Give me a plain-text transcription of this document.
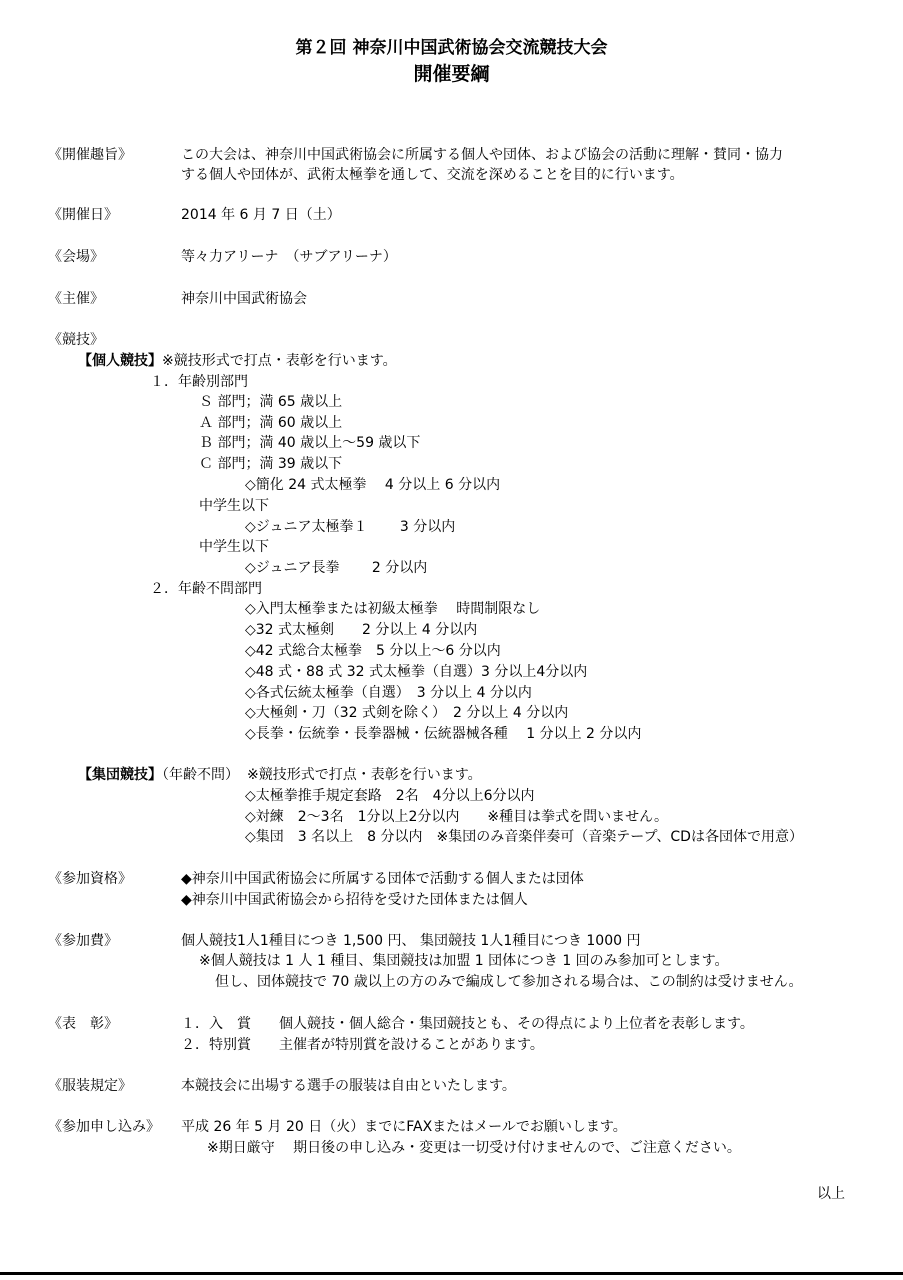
第２回 神奈川中国武術協会交流競技大会
開催要綱
《開催趣旨》	この大会は、神奈川中国武術協会に所属する個人や団体、および協会の活動に理解・賛同・協力
する個人や団体が、武術太極拳を通して、交流を深めることを目的に行います。
《開催日》	2014 年 6 月 7 日（土）
《会場》	等々力アリーナ　（サブアリーナ）
《主催》	神奈川中国武術協会
《競技》
【個人競技】※競技形式で打点・表彰を行います。
１．年齢別部門
Ｓ 部門；満 65 歳以上
Ａ 部門；満 60 歳以上
Ｂ 部門；満 40 歳以上～59 歳以下
Ｃ 部門；満 39 歳以下
◇簡化 24 式太極拳　 4 分以上 6 分以内
中学生以下
◇ジュニア太極拳１　　 3 分以内
中学生以下
◇ジュニア長拳　　 2 分以内
２．年齢不問部門
◇入門太極拳または初級太極拳　 時間制限なし
◇32 式太極剣　　2 分以上 4 分以内
◇42 式総合太極拳　5 分以上～6 分以内
◇48 式・88 式 32 式太極拳（自選）3 分以上4分以内
◇各式伝統太極拳（自選）　3 分以上 4 分以内
◇大極剣・刀（32 式剣を除く）　2 分以上 4 分以内
◇長拳・伝統拳・長拳器械・伝統器械各種　 1 分以上 2 分以内
【集団競技】（年齢不問） ※競技形式で打点・表彰を行います。
◇太極拳推手規定套路　2名　4分以上6分以内
◇対練　2～3名　1分以上2分以内　　※種目は拳式を問いません。
◇集団　3 名以上　8 分以内　※集団のみ音楽伴奏可（音楽テープ、CDは各団体で用意）
《参加資格》	◆神奈川中国武術協会に所属する団体で活動する個人または団体
◆神奈川中国武術協会から招待を受けた団体または個人
《参加費》	個人競技1人1種目につき 1,500 円、 集団競技 1人1種目につき 1000 円
※個人競技は 1 人 1 種目、集団競技は加盟 1 団体につき 1 回のみ参加可とします。
但し、団体競技で 70 歳以上の方のみで編成して参加される場合は、この制約は受けません。
《表　彰》	１．入　賞　　個人競技・個人総合・集団競技とも、その得点により上位者を表彰します。
２．特別賞　　主催者が特別賞を設けることがあります。
《服装規定》	本競技会に出場する選手の服装は自由といたします。
《参加申し込み》 平成 26 年 5 月 20 日（火）までにFAXまたはメールでお願いします。
※期日厳守　 期日後の申し込み・変更は一切受け付けませんので、ご注意ください。
以上
